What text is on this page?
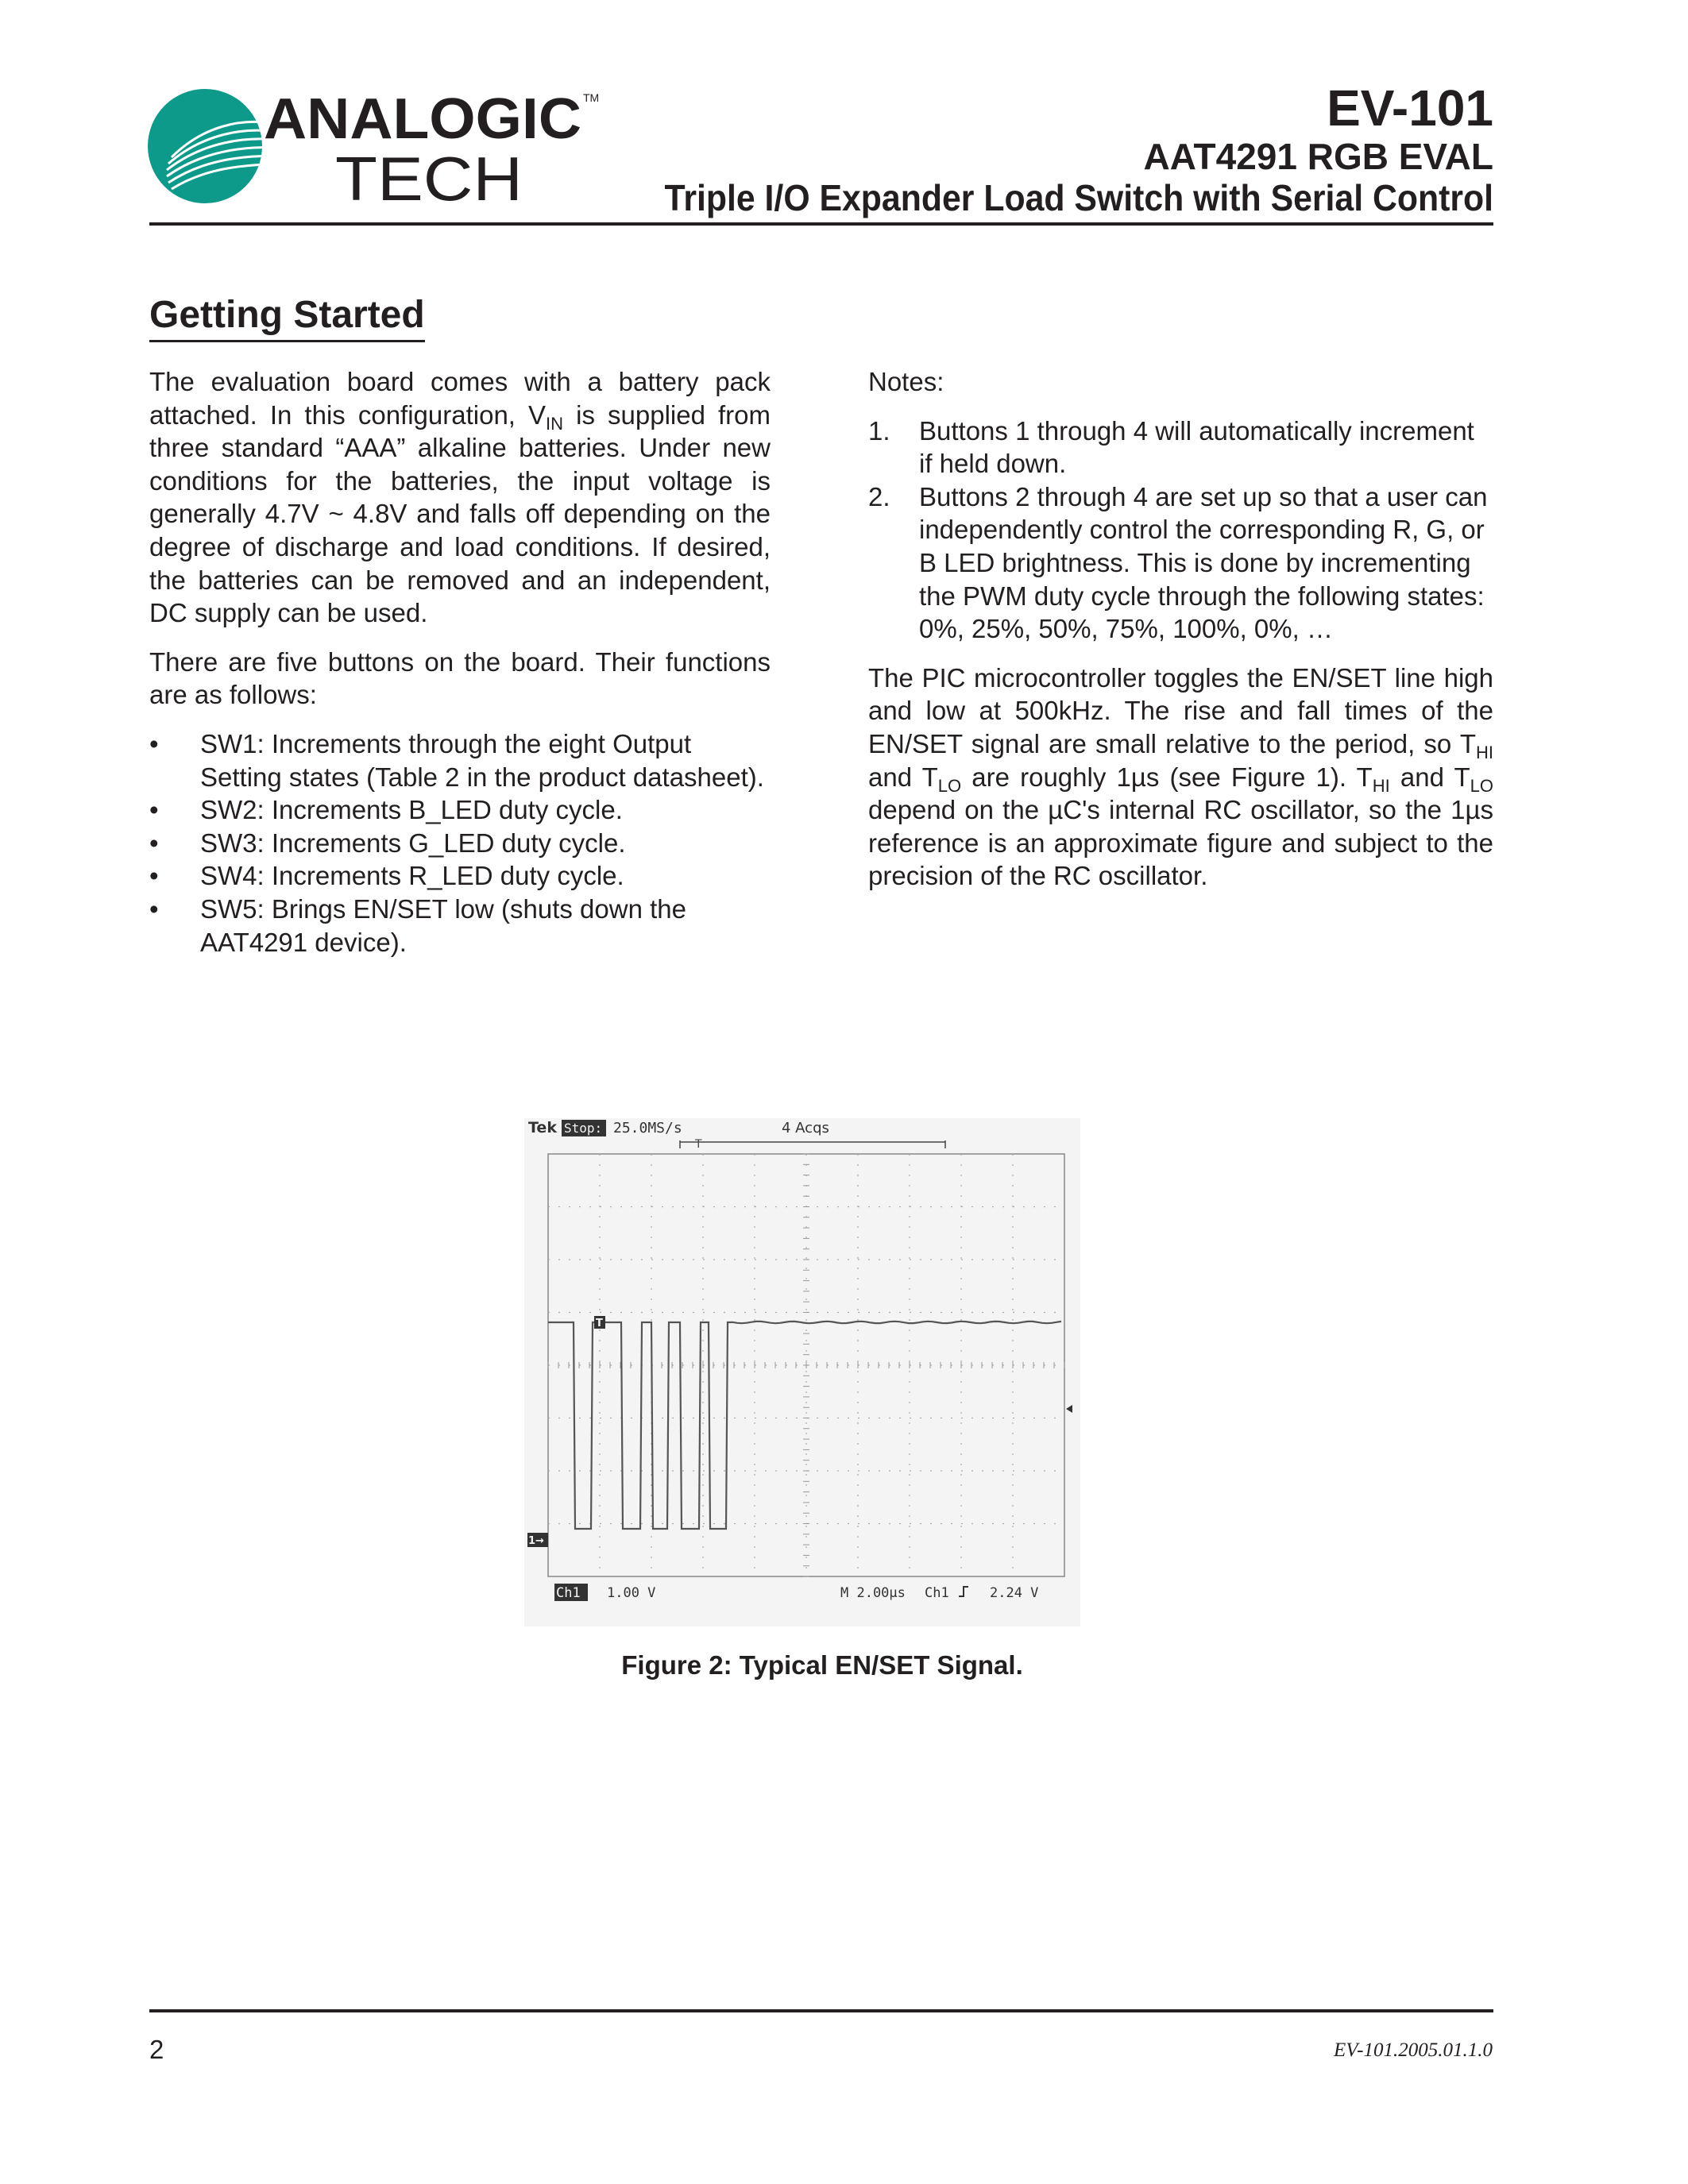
ANALOGIC TM
TECH
EV-101
AAT4291 RGB EVAL
Triple I/O Expander Load Switch with Serial Control
Getting Started

The evaluation board comes with a battery pack

attached. In this configuration, $V_{IN}$ is supplied from

three standard “AAA” alkaline batteries. Under new conditions for the batteries, the input voltage is generally 4.7V ~ 4.8V and falls off depending on the degree of discharge and load conditions. If desired, the batteries can be removed and an independent, DC supply can be used.

There are five buttons on the board. Their functions are as follows:

• SW1: Increments through the eight Output Setting states (Table 2 in the product datasheet).
• SW2: Increments B_LED duty cycle.
• SW3: Increments G_LED duty cycle.
• SW4: Increments R_LED duty cycle.
• SW5: Brings EN/SET low (shuts down the AAT4291 device).

Notes:

1. Buttons 1 through 4 will automatically increment if held down.
2. Buttons 2 through 4 are set up so that a user can independently control the corresponding R, G, or B LED brightness. This is done by incrementing the PWM duty cycle through the following states: 0%, 25%, 50%, 75%, 100%, 0%, …

The PIC microcontroller toggles the EN/SET line high and low at 500kHz. The rise and fall times of the EN/SET signal are small relative to the period, so $T_{HI}$ and $T_{LO}$ are roughly 1µs (see Figure 1). $T_{HI}$ and $T_{LO}$ depend on the µC's internal RC oscillator, so the 1µs reference is an approximate figure and subject to the precision of the RC oscillator.

Tek Stop: 25.0MS/s	4 Acqs
T
T
1→
Ch1 1.00 V	M 2.00µs Ch1	2.24 V
Figure 2: Typical EN/SET Signal.
2	EV-101.2005.01.1.0
